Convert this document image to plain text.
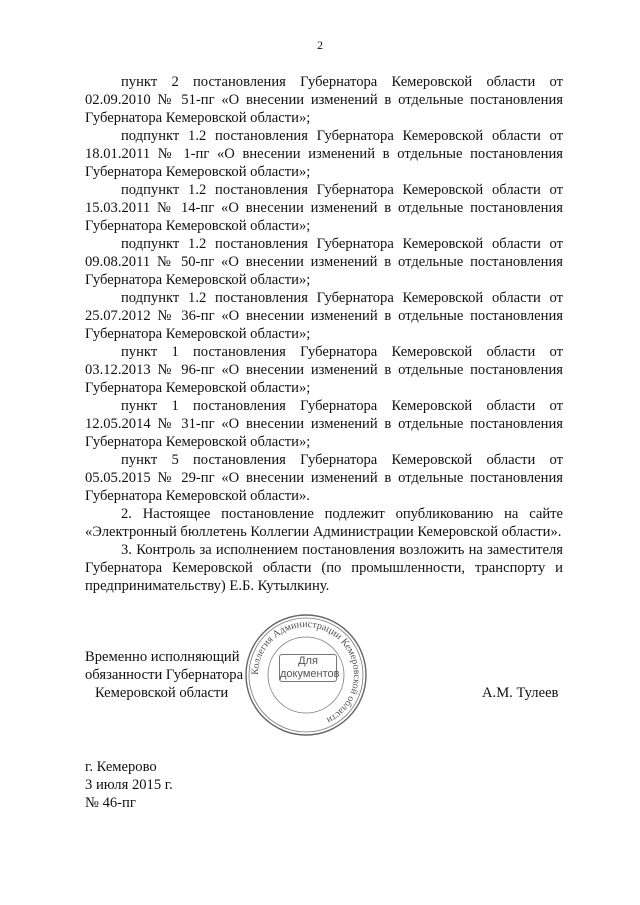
2

пункт 2 постановления Губернатора Кемеровской области от 02.09.2010 № 51-пг «О внесении изменений в отдельные постановления Губернатора Кемеровской области»;

подпункт 1.2 постановления Губернатора Кемеровской области от 18.01.2011 № 1-пг «О внесении изменений в отдельные постановления Губернатора Кемеровской области»;

подпункт 1.2 постановления Губернатора Кемеровской области от 15.03.2011 № 14-пг «О внесении изменений в отдельные постановления Губернатора Кемеровской области»;

подпункт 1.2 постановления Губернатора Кемеровской области от 09.08.2011 № 50-пг «О внесении изменений в отдельные постановления Губернатора Кемеровской области»;

подпункт 1.2 постановления Губернатора Кемеровской области от 25.07.2012 № 36-пг «О внесении изменений в отдельные постановления Губернатора Кемеровской области»;

пункт 1 постановления Губернатора Кемеровской области от 03.12.2013 № 96-пг «О внесении изменений в отдельные постановления Губернатора Кемеровской области»;

пункт 1 постановления Губернатора Кемеровской области от 12.05.2014 № 31-пг «О внесении изменений в отдельные постановления Губернатора Кемеровской области»;

пункт 5 постановления Губернатора Кемеровской области от 05.05.2015 № 29-пг «О внесении изменений в отдельные постановления Губернатора Кемеровской области».

2. Настоящее постановление подлежит опубликованию на сайте «Электронный бюллетень Коллегии Администрации Кемеровской области».

3. Контроль за исполнением постановления возложить на заместителя Губернатора Кемеровской области (по промышленности, транспорту и предпринимательству) Е.Б. Кутылкину.

Временно исполняющий
обязанности Губернатора
Кемеровской области
Коллегия Администрации Кемеровской области
Для
документов
А.М. Тулеев
г. Кемерово
3 июля 2015 г.
№ 46-пг
